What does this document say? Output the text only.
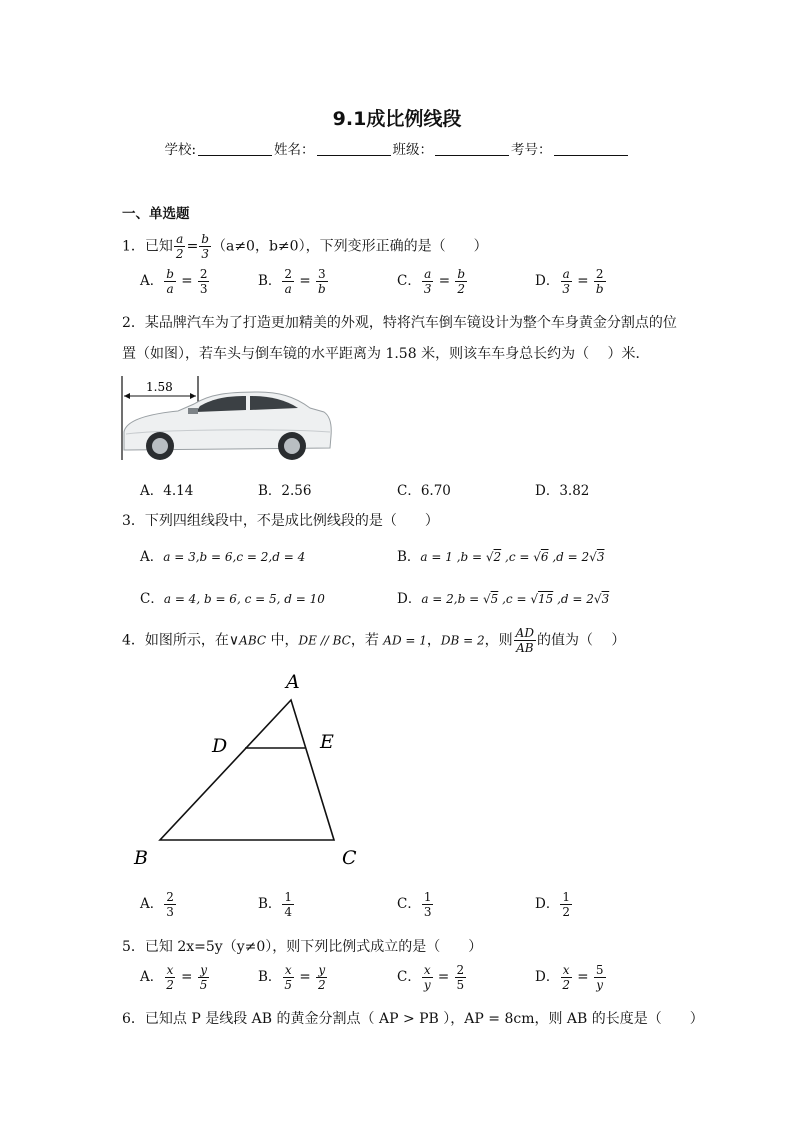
9.1成比例线段
学校:	姓名：	班级：	考号：
一、单选题
1．已知 $\frac{a}{2} = \frac{b}{3} (a\ne 0$，b≠0），下列变形正确的是（　　）
A． $\frac{b}{a} = \frac{2}{3}$	B． $\frac{2}{a} = \frac{3}{b}$	C． $\frac{a}{3} = \frac{b}{2}$	D． $\frac{a}{3} = \frac{2}{b}$
2．某品牌汽车为了打造更加精美的外观，特将汽车倒车镜设计为整个车身黄金分割点的位
置（如图），若车头与倒车镜的水平距离为 1.58 米，则该车车身总长约为（　 ）米．
1.58
A．4.14	B．2.56	C．6.70	D．3.82
3．下列四组线段中，不是成比例线段的是（　　）
A．a = 3,b = 6,c = 2,d = 4	B．a = 1 ,b = √2 ,c = √6 ,d = 2√3
C．a = 4, b = 6, c = 5, d = 10	D．a = 2,b = √5 ,c = √15 ,d = 2√3
4．如图所示，在∨ABC 中，DE // BC，若 AD = 1，DB = 2，则 $\frac{AD}{AB}$ 的值为（　 ）
A
D	E
B	C
A． $\frac{2}{3}$	B． $\frac{1}{4}$	C． $\frac{1}{3}$	D． $\frac{1}{2}$
5．已知 2x=5y（y≠0），则下列比例式成立的是（　　）
A． $\frac{x}{2} = \frac{y}{5}$	B． $\frac{x}{5} = \frac{y}{2}$	C． $\frac{x}{y} = \frac{2}{5}$	D． $\frac{x}{2} = \frac{5}{y}$
6．已知点 P 是线段 AB 的黄金分割点（ AP > PB ），AP = 8cm，则 AB 的长度是（　　）
